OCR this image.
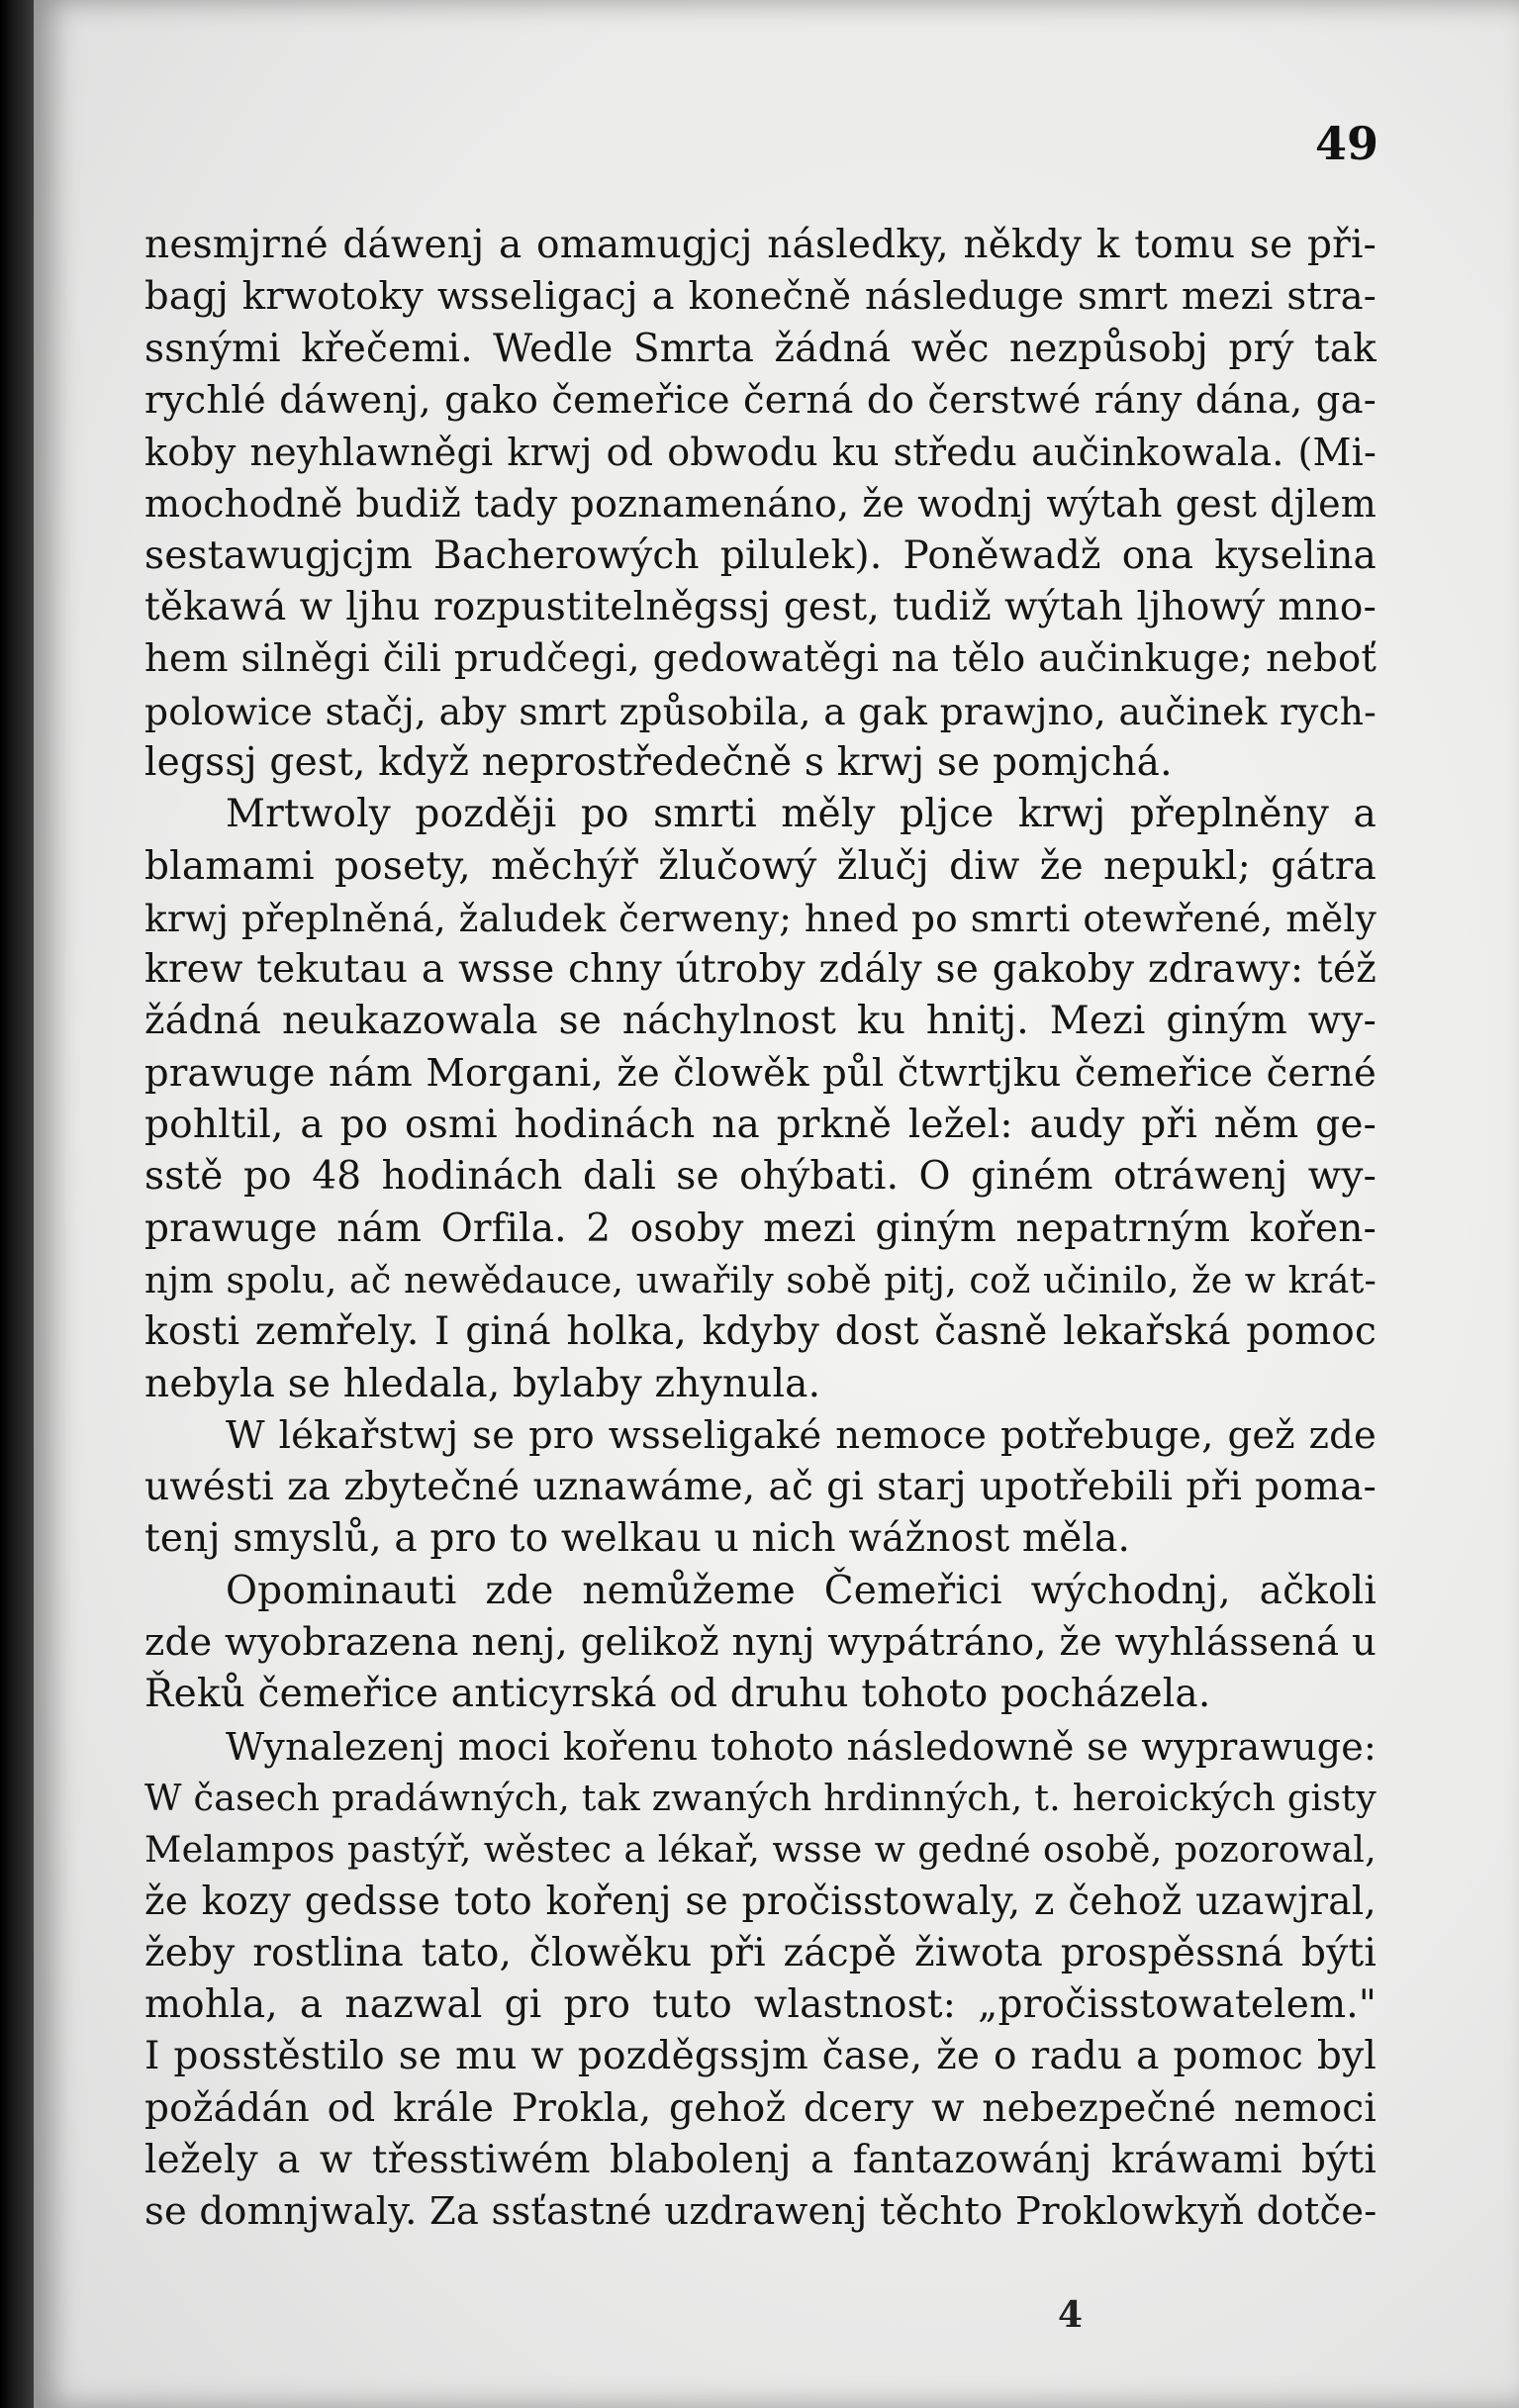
49
nesmjrné dáwenj a omamugjcj následky, někdy k tomu se při-
bagj krwotoky wsseligacj a konečně následuge smrt mezi stra-
ssnými křečemi. Wedle Smrta žádná wěc nezpůsobj prý tak
rychlé dáwenj, gako čemeřice černá do čerstwé rány dána, ga-
koby neyhlawněgi krwj od obwodu ku středu aučinkowala. (Mi-
mochodně budiž tady poznamenáno, že wodnj wýtah gest djlem
sestawugjcjm Bacherowých pilulek). Poněwadž ona kyselina
těkawá w ljhu rozpustitelněgssj gest, tudiž wýtah ljhowý mno-
hem silněgi čili prudčegi, gedowatěgi na tělo aučinkuge; neboť
polowice stačj, aby smrt způsobila, a gak prawjno, aučinek rych-
legssj gest, když neprostředečně s krwj se pomjchá.
Mrtwoly později po smrti měly pljce krwj přeplněny a
blamami posety, měchýř žlučowý žlučj diw že nepukl; gátra
krwj přeplněná, žaludek čerweny; hned po smrti otewřené, měly
krew tekutau a wsse chny útroby zdály se gakoby zdrawy: též
žádná neukazowala se náchylnost ku hnitj. Mezi giným wy-
prawuge nám Morgani, že člowěk půl čtwrtjku čemeřice černé
pohltil, a po osmi hodinách na prkně ležel: audy při něm ge-
sstě po 48 hodinách dali se ohýbati. O giném otráwenj wy-
prawuge nám Orfila. 2 osoby mezi giným nepatrným kořen-
njm spolu, ač newědauce, uwařily sobě pitj, což učinilo, že w krát-
kosti zemřely. I giná holka, kdyby dost časně lekařská pomoc
nebyla se hledala, bylaby zhynula.
W lékařstwj se pro wsseligaké nemoce potřebuge, gež zde
uwésti za zbytečné uznawáme, ač gi starj upotřebili při poma-
tenj smyslů, a pro to welkau u nich wážnost měla.
Opominauti zde nemůžeme Čemeřici wýchodnj, ačkoli
zde wyobrazena nenj, gelikož nynj wypátráno, že wyhlássená u
Řeků čemeřice anticyrská od druhu tohoto pocházela.
Wynalezenj moci kořenu tohoto následowně se wyprawuge:
W časech pradáwných, tak zwaných hrdinných, t. heroických gisty
Melampos pastýř, wěstec a lékař, wsse w gedné osobě, pozorowal,
že kozy gedsse toto kořenj se pročisstowaly, z čehož uzawjral,
žeby rostlina tato, člowěku při zácpě žiwota prospěssná býti
mohla, a nazwal gi pro tuto wlastnost: „pročisstowatelem."
I posstěstilo se mu w pozděgssjm čase, že o radu a pomoc byl
požádán od krále Prokla, gehož dcery w nebezpečné nemoci
ležely a w třesstiwém blabolenj a fantazowánj kráwami býti
se domnjwaly. Za ssťastné uzdrawenj těchto Proklowkyň dotče-
4
